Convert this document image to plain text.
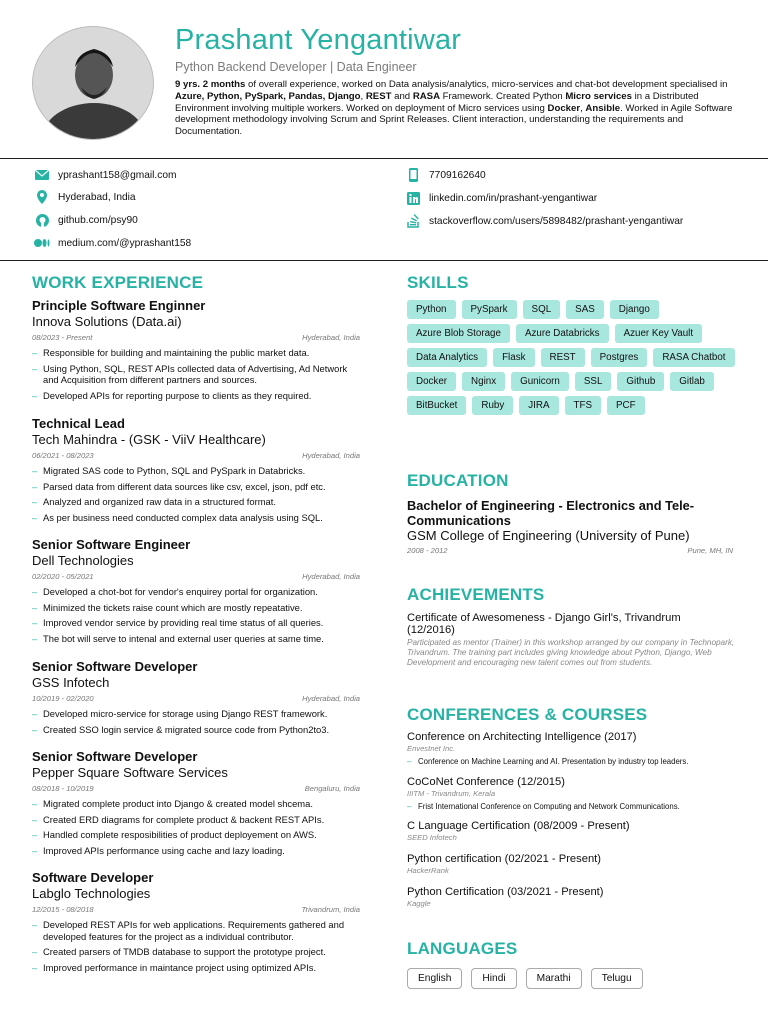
Prashant Yengantiwar
Python Backend Developer | Data Engineer
9 yrs. 2 months of overall experience, worked on Data analysis/analytics, micro-services and chat-bot development specialised in Azure, Python, PySpark, Pandas, Django, REST and RASA Framework. Created Python Micro services in a Distributed Environment involving multiple workers. Worked on deployment of Micro services using Docker, Ansible. Worked in Agile Software development methodology involving Scrum and Sprint Releases. Client interaction, understanding the requirements and Documentation.
yprashant158@gmail.com
Hyderabad, India
github.com/psy90
medium.com/@yprashant158
7709162640
linkedin.com/in/prashant-yengantiwar
stackoverflow.com/users/5898482/prashant-yengantiwar
WORK EXPERIENCE
Principle Software Enginner
Innova Solutions (Data.ai)
08/2023 - Present	Hyderabad, India
– Responsible for building and maintaining the public market data.
– Using Python, SQL, REST APIs collected data of Advertising, Ad Network and Acquisition from different partners and sources.
– Developed APIs for reporting purpose to clients as they required.
Technical Lead
Tech Mahindra - (GSK - ViiV Healthcare)
06/2021 - 08/2023	Hyderabad, India
– Migrated SAS code to Python, SQL and PySpark in Databricks.
– Parsed data from different data sources like csv, excel, json, pdf etc.
– Analyzed and organized raw data in a structured format.
– As per business need conducted complex data analysis using SQL.
Senior Software Engineer
Dell Technologies
02/2020 - 05/2021	Hyderabad, India
– Developed a chot-bot for vendor's enquirey portal for organization.
– Minimized the tickets raise count which are mostly repeatative.
– Improved vendor service by providing real time status of all queries.
– The bot will serve to intenal and external user queries at same time.
Senior Software Developer
GSS Infotech
10/2019 - 02/2020	Hyderabad, India
– Developed micro-service for storage using Django REST framework.
– Created SSO login service & migrated source code from Python2to3.
Senior Software Developer
Pepper Square Software Services
08/2018 - 10/2019	Bengaluru, India
– Migrated complete product into Django & created model shcema.
– Created ERD diagrams for complete product & backent REST APIs.
– Handled complete resposibilities of product deployement on AWS.
– Improved APIs performance using cache and lazy loading.
Software Developer
Labglo Technologies
12/2015 - 08/2018	Trivandrum, India
– Developed REST APIs for web applications. Requirements gathered and developed features for the project as a individual contributor.
– Created parsers of TMDB database to support the prototype project.
– Improved performance in maintance project using optimized APIs.
SKILLS
Python	PySpark	SQL	SAS	Django
Azure Blob Storage	Azure Databricks	Azuer Key Vault
Data Analytics	Flask	REST	Postgres	RASA Chatbot
Docker	Nginx	Gunicorn	SSL	Github	Gitlab
BitBucket	Ruby	JIRA	TFS	PCF
EDUCATION
Bachelor of Engineering - Electronics and Tele-Communications
GSM College of Engineering (University of Pune)
2008 - 2012	Pune, MH, IN
ACHIEVEMENTS
Certificate of Awesomeness - Django Girl's, Trivandrum (12/2016)
Participated as mentor (Trainer) in this workshop arranged by our company in Technopark, Trivandrum. The training part includes giving knowledge about Python, Django, Web Development and encouraging new talent comes out from students.
CONFERENCES & COURSES
Conference on Architecting Intelligence (2017)
Envestnet Inc.
– Conference on Machine Learning and AI. Presentation by industry top leaders.
CoCoNet Conference (12/2015)
IIITM - Trivandrum, Kerala
– Frist International Conference on Computing and Network Communications.
C Language Certification (08/2009 - Present)
SEED Infotech
Python certification (02/2021 - Present)
HackerRank
Python Certification (03/2021 - Present)
Kaggle
LANGUAGES
English	Hindi	Marathi	Telugu
